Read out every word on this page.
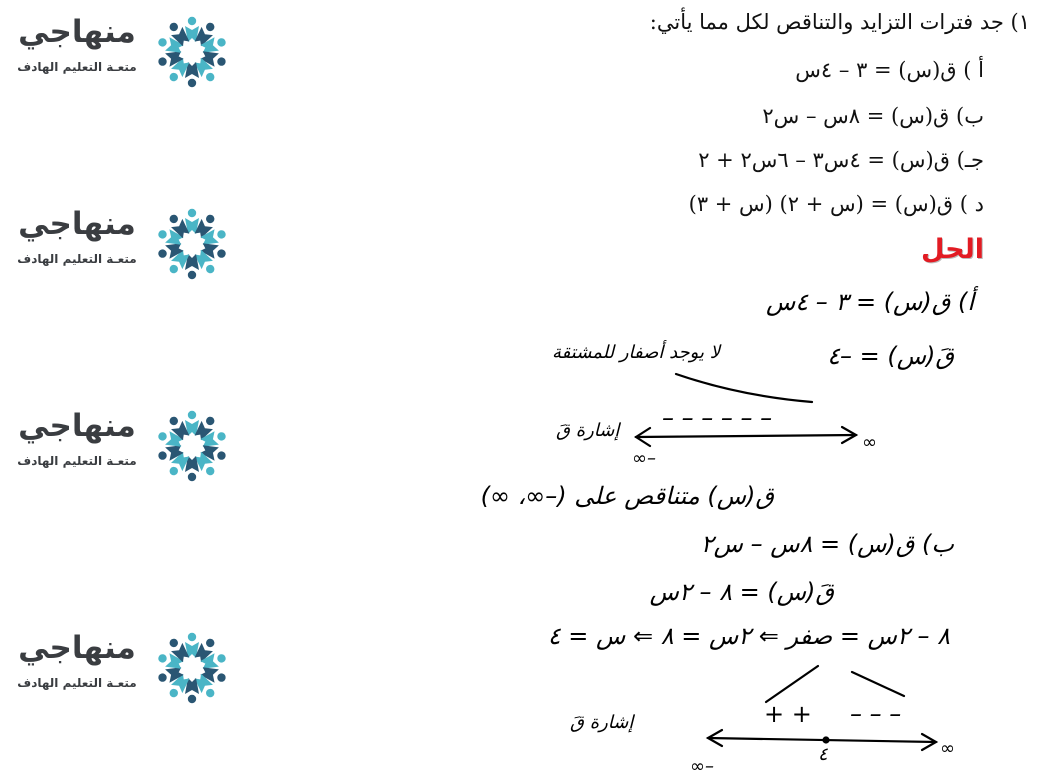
منهاجي
متعـة التعليم الهادف
منهاجي
متعـة التعليم الهادف
منهاجي
متعـة التعليم الهادف
منهاجي
متعـة التعليم الهادف
١) جد فترات التزايد والتناقص لكل مما يأتي:
أ ) ق(س) = ٣ – ٤س
ب) ق(س) = ٨س – س٢
جـ) ق(س) = ٤س٣ – ٦س٢ + ٢
د ) ق(س) = (س + ٢) (س + ٣)
الحل
أ) ق(س) = ٣ – ٤س
قَ(س) = –٤
لا يوجد أصفار للمشتقة
– – – – – –
إشارة قَ
–∞
∞
ق(س) متناقص على (–∞، ∞)
ب) ق(س) = ٨س – س٢
قَ(س) = ٨ – ٢س
٨ – ٢س = صفر ⇐ ٢س = ٨ ⇐ س = ٤
+ + – – –
إشارة قَ
٤
–∞
∞
